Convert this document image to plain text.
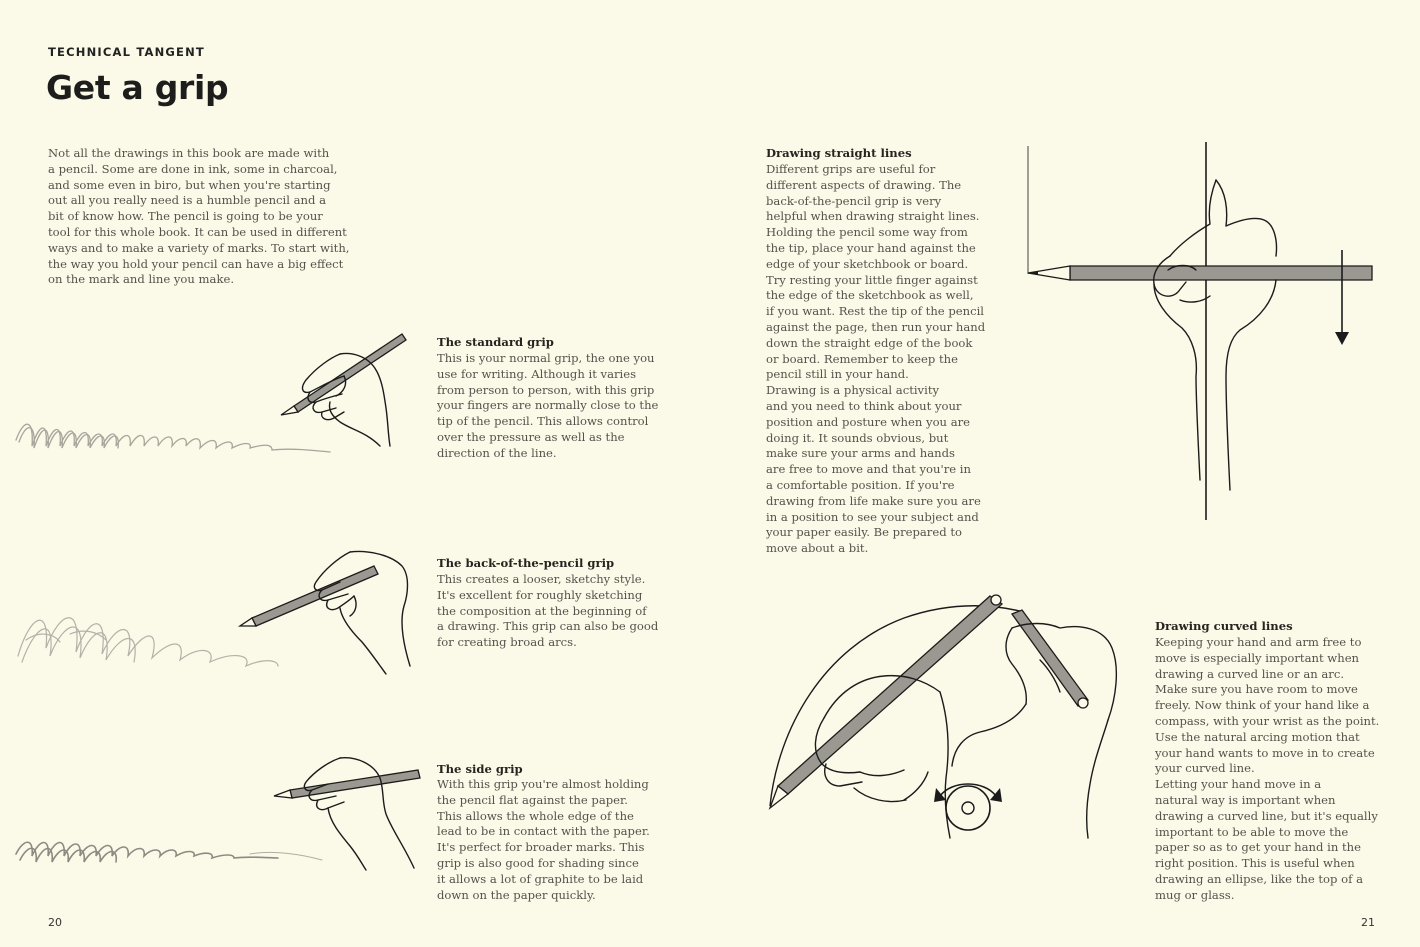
TECHNICAL TANGENT
Get a grip

Not all the drawings in this book are made with
a pencil. Some are done in ink, some in charcoal,
and some even in biro, but when you're starting
out all you really need is a humble pencil and a
bit of know how. The pencil is going to be your
tool for this whole book. It can be used in different
ways and to make a variety of marks. To start with,
the way you hold your pencil can have a big effect
on the mark and line you make.

The standard grip

This is your normal grip, the one you
use for writing. Although it varies
from person to person, with this grip
your fingers are normally close to the
tip of the pencil. This allows control
over the pressure as well as the
direction of the line.

The back-of-the-pencil grip

This creates a looser, sketchy style.
It's excellent for roughly sketching
the composition at the beginning of
a drawing. This grip can also be good
for creating broad arcs.

The side grip

With this grip you're almost holding
the pencil flat against the paper.
This allows the whole edge of the
lead to be in contact with the paper.
It's perfect for broader marks. This
grip is also good for shading since
it allows a lot of graphite to be laid
down on the paper quickly.

20

Drawing straight lines

Different grips are useful for
different aspects of drawing. The
back-of-the-pencil grip is very
helpful when drawing straight lines.
Holding the pencil some way from
the tip, place your hand against the
edge of your sketchbook or board.
Try resting your little finger against
the edge of the sketchbook as well,
if you want. Rest the tip of the pencil
against the page, then run your hand
down the straight edge of the book
or board. Remember to keep the
pencil still in your hand.
Drawing is a physical activity
and you need to think about your
position and posture when you are
doing it. It sounds obvious, but
make sure your arms and hands
are free to move and that you're in
a comfortable position. If you're
drawing from life make sure you are
in a position to see your subject and
your paper easily. Be prepared to
move about a bit.

Drawing curved lines

Keeping your hand and arm free to
move is especially important when
drawing a curved line or an arc.
Make sure you have room to move
freely. Now think of your hand like a
compass, with your wrist as the point.
Use the natural arcing motion that
your hand wants to move in to create
your curved line.
Letting your hand move in a
natural way is important when
drawing a curved line, but it's equally
important to be able to move the
paper so as to get your hand in the
right position. This is useful when
drawing an ellipse, like the top of a
mug or glass.

21
